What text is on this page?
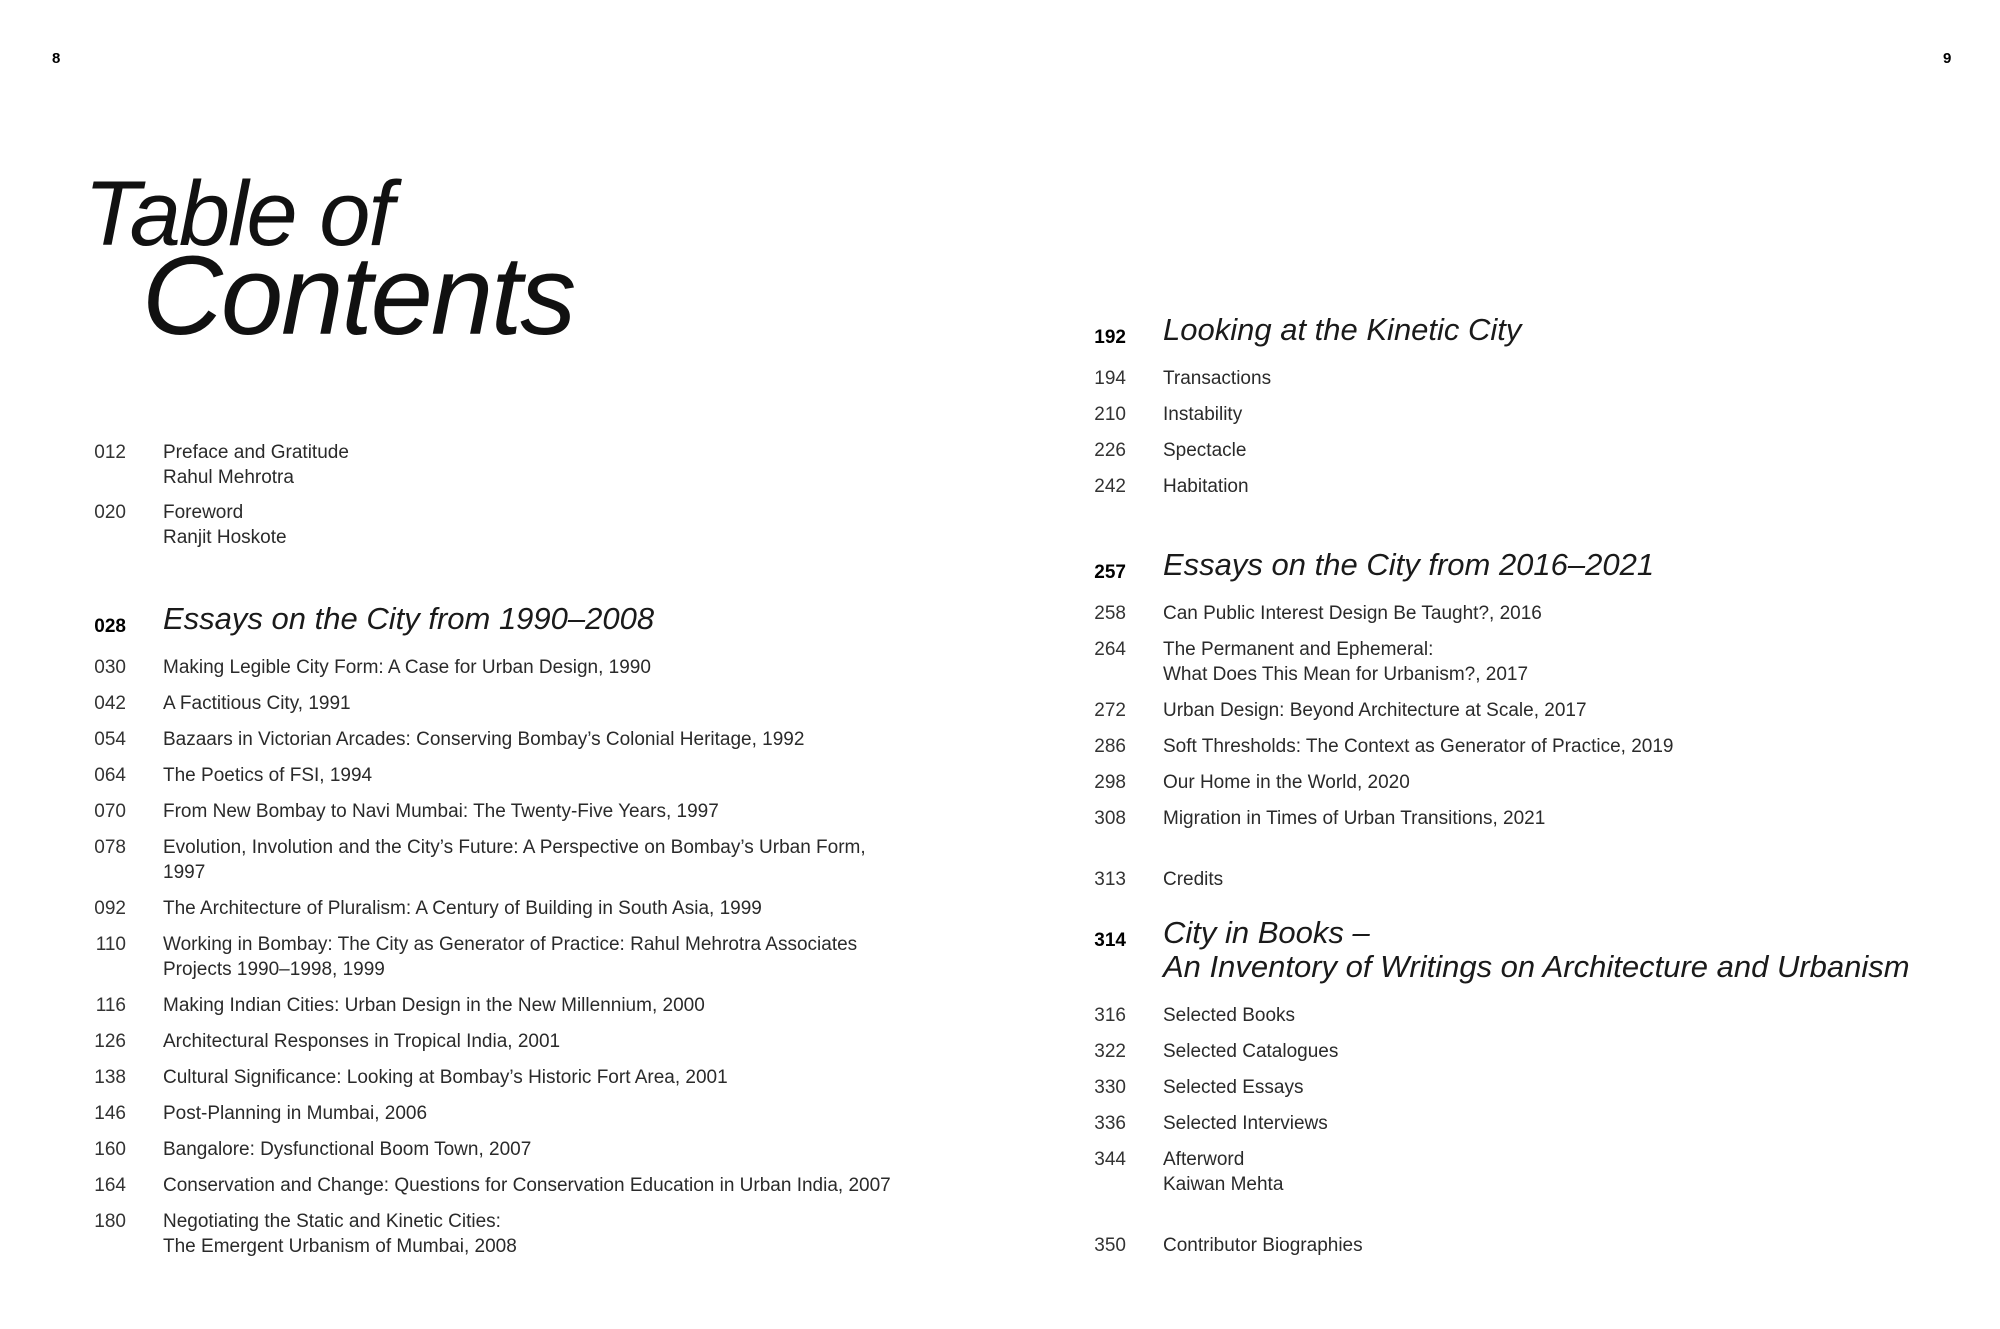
8	9
Table of
Contents
012 Preface and Gratitude
Rahul Mehrotra
020 Foreword
Ranjit Hoskote
028 Essays on the City from 1990–2008
030 Making Legible City Form: A Case for Urban Design, 1990
042 A Factitious City, 1991
054 Bazaars in Victorian Arcades: Conserving Bombay’s Colonial Heritage, 1992
064 The Poetics of FSI, 1994
070 From New Bombay to Navi Mumbai: The Twenty-Five Years, 1997
078 Evolution, Involution and the City’s Future: A Perspective on Bombay’s Urban Form,
1997
092 The Architecture of Pluralism: A Century of Building in South Asia, 1999
110 Working in Bombay: The City as Generator of Practice: Rahul Mehrotra Associates
Projects 1990–1998, 1999
116 Making Indian Cities: Urban Design in the New Millennium, 2000
126 Architectural Responses in Tropical India, 2001
138 Cultural Significance: Looking at Bombay’s Historic Fort Area, 2001
146 Post-Planning in Mumbai, 2006
160 Bangalore: Dysfunctional Boom Town, 2007
164 Conservation and Change: Questions for Conservation Education in Urban India, 2007
180 Negotiating the Static and Kinetic Cities:
The Emergent Urbanism of Mumbai, 2008
192 Looking at the Kinetic City
194 Transactions
210 Instability
226 Spectacle
242 Habitation
257 Essays on the City from 2016–2021
258 Can Public Interest Design Be Taught?, 2016
264 The Permanent and Ephemeral:
What Does This Mean for Urbanism?, 2017
272 Urban Design: Beyond Architecture at Scale, 2017
286 Soft Thresholds: The Context as Generator of Practice, 2019
298 Our Home in the World, 2020
308 Migration in Times of Urban Transitions, 2021
313 Credits
314 City in Books –
An Inventory of Writings on Architecture and Urbanism
316 Selected Books
322 Selected Catalogues
330 Selected Essays
336 Selected Interviews
344 Afterword
Kaiwan Mehta
350 Contributor Biographies
